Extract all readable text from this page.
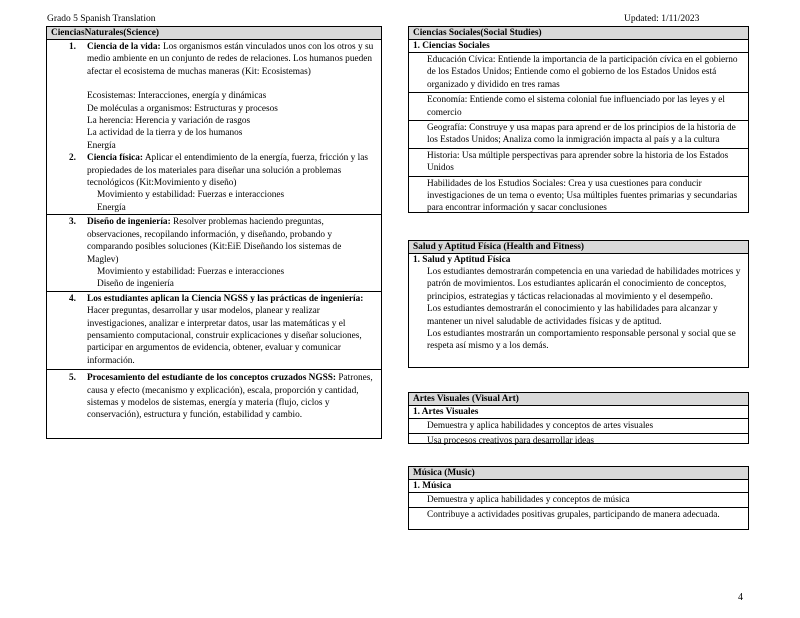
Grado 5 Spanish Translation	Updated: 1/11/2023
CienciasNaturales(Science)
1. Ciencia de la vida: Los organismos están vinculados unos con los otros y su medio ambiente en un conjunto de redes de relaciones. Los humanos pueden afectar el ecosistema de muchas maneras (Kit: Ecosistemas)
Ecosistemas: Interacciones, energía y dinámicas
De moléculas a organismos: Estructuras y procesos
La herencia: Herencia y variación de rasgos
La actividad de la tierra y de los humanos
Energía
2. Ciencia física: Aplicar el entendimiento de la energía, fuerza, fricción y las propiedades de los materiales para diseñar una solución a problemas tecnológicos (Kit:Movimiento y diseño)
Movimiento y estabilidad: Fuerzas e interacciones
Energía
3. Diseño de ingeniería: Resolver problemas haciendo preguntas, observaciones, recopilando información, y diseñando, probando y comparando posibles soluciones (Kit:EiE Diseñando los sistemas de Maglev)
Movimiento y estabilidad: Fuerzas e interacciones
Diseño de ingeniería
4. Los estudiantes aplican la Ciencia NGSS y las prácticas de ingeniería: Hacer preguntas, desarrollar y usar modelos, planear y realizar investigaciones, analizar e interpretar datos, usar las matemáticas y el pensamiento computacional, construir explicaciones y diseñar soluciones, participar en argumentos de evidencia, obtener, evaluar y comunicar información.
5. Procesamiento del estudiante de los conceptos cruzados NGSS: Patrones, causa y efecto (mecanismo y explicación), escala, proporción y cantidad, sistemas y modelos de sistemas, energía y materia (flujo, ciclos y conservación), estructura y función, estabilidad y cambio.
Ciencias Sociales(Social Studies)
1. Ciencias Sociales
Educación Cívica: Entiende la importancia de la participación cívica en el gobierno de los Estados Unidos; Entiende como el gobierno de los Estados Unidos está organizado y dividido en tres ramas
Economía: Entiende como el sistema colonial fue influenciado por las leyes y el comercio
Geografía: Construye y usa mapas para aprend er de los principios de la historia de los Estados Unidos; Analiza como la inmigración impacta al país y a la cultura
Historia: Usa múltiple perspectivas para aprender sobre la historia de los Estados Unidos
Habilidades de los Estudios Sociales: Crea y usa cuestiones para conducir investigaciones de un tema o evento; Usa múltiples fuentes primarias y secundarias para encontrar información y sacar conclusiones
Salud y Aptitud Física (Health and Fitness)
1. Salud y Aptitud Física
Los estudiantes demostrarán competencia en una variedad de habilidades motrices y patrón de movimientos. Los estudiantes aplicarán el conocimiento de conceptos, principios, estrategias y tácticas relacionadas al movimiento y el desempeño.
Los estudiantes demostrarán el conocimiento y las habilidades para alcanzar y mantener un nivel saludable de actividades físicas y de aptitud.
Los estudiantes mostrarán un comportamiento responsable personal y social que se respeta así mismo y a los demás.
Artes Visuales (Visual Art)
1. Artes Visuales
Demuestra y aplica habilidades y conceptos de artes visuales
Usa procesos creativos para desarrollar ideas
Música (Music)
1. Música
Demuestra y aplica habilidades y conceptos de música
Contribuye a actividades positivas grupales, participando de manera adecuada.
4
